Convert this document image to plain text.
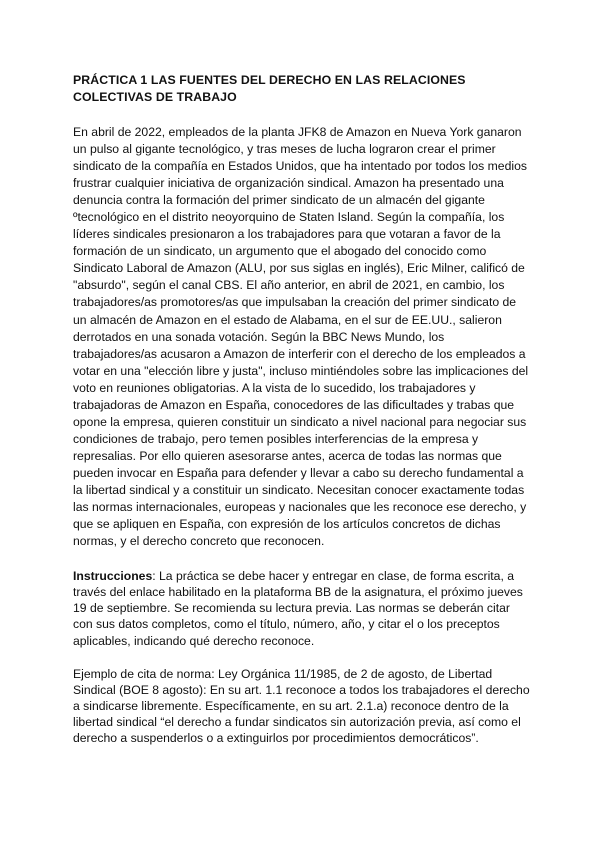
PRÁCTICA 1 LAS FUENTES DEL DERECHO EN LAS RELACIONES
COLECTIVAS DE TRABAJO
En abril de 2022, empleados de la planta JFK8 de Amazon en Nueva York ganaron
un pulso al gigante tecnológico, y tras meses de lucha lograron crear el primer
sindicato de la compañía en Estados Unidos, que ha intentado por todos los medios
frustrar cualquier iniciativa de organización sindical. Amazon ha presentado una
denuncia contra la formación del primer sindicato de un almacén del gigante
ºtecnológico en el distrito neoyorquino de Staten Island. Según la compañía, los
líderes sindicales presionaron a los trabajadores para que votaran a favor de la
formación de un sindicato, un argumento que el abogado del conocido como
Sindicato Laboral de Amazon (ALU, por sus siglas en inglés), Eric Milner, calificó de
"absurdo", según el canal CBS. El año anterior, en abril de 2021, en cambio, los
trabajadores/as promotores/as que impulsaban la creación del primer sindicato de
un almacén de Amazon en el estado de Alabama, en el sur de EE.UU., salieron
derrotados en una sonada votación. Según la BBC News Mundo, los
trabajadores/as acusaron a Amazon de interferir con el derecho de los empleados a
votar en una "elección libre y justa", incluso mintiéndoles sobre las implicaciones del
voto en reuniones obligatorias. A la vista de lo sucedido, los trabajadores y
trabajadoras de Amazon en España, conocedores de las dificultades y trabas que
opone la empresa, quieren constituir un sindicato a nivel nacional para negociar sus
condiciones de trabajo, pero temen posibles interferencias de la empresa y
represalias. Por ello quieren asesorarse antes, acerca de todas las normas que
pueden invocar en España para defender y llevar a cabo su derecho fundamental a
la libertad sindical y a constituir un sindicato. Necesitan conocer exactamente todas
las normas internacionales, europeas y nacionales que les reconoce ese derecho, y
que se apliquen en España, con expresión de los artículos concretos de dichas
normas, y el derecho concreto que reconocen.
Instrucciones: La práctica se debe hacer y entregar en clase, de forma escrita, a
través del enlace habilitado en la plataforma BB de la asignatura, el próximo jueves
19 de septiembre. Se recomienda su lectura previa. Las normas se deberán citar
con sus datos completos, como el título, número, año, y citar el o los preceptos
aplicables, indicando qué derecho reconoce.
Ejemplo de cita de norma: Ley Orgánica 11/1985, de 2 de agosto, de Libertad
Sindical (BOE 8 agosto): En su art. 1.1 reconoce a todos los trabajadores el derecho
a sindicarse libremente. Específicamente, en su art. 2.1.a) reconoce dentro de la
libertad sindical “el derecho a fundar sindicatos sin autorización previa, así como el
derecho a suspenderlos o a extinguirlos por procedimientos democráticos”.
